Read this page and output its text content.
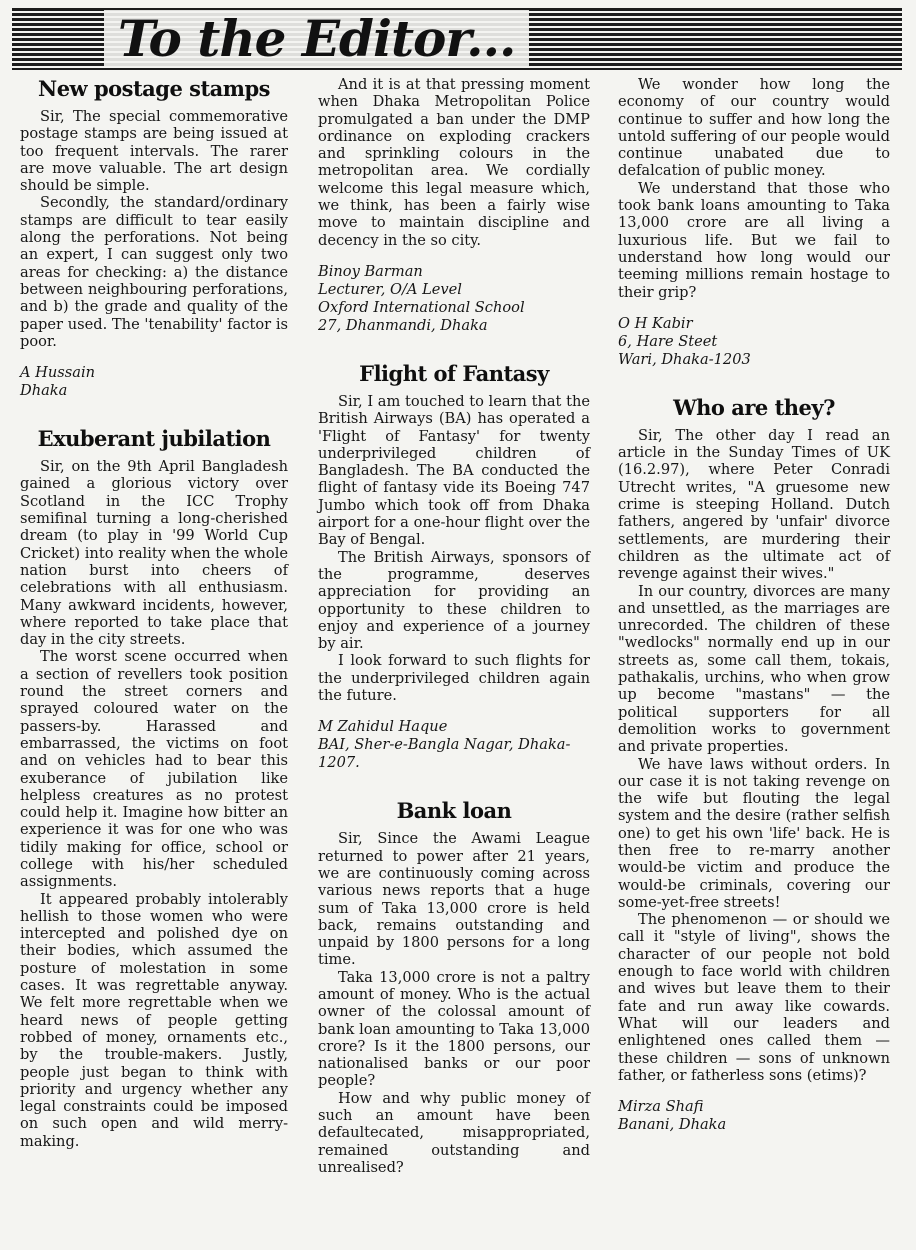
To the Editor...
New postage stamps

Sir, The special commemorative postage stamps are being issued at too frequent intervals. The rarer are move valuable. The art design should be simple.

Secondly, the standard/ordinary stamps are difficult to tear easily along the perforations. Not being an expert, I can suggest only two areas for checking: a) the distance between neighbouring perforations, and b) the grade and quality of the paper used. The 'tenability' factor is poor.

A Hussain
Dhaka
Exuberant jubilation

Sir, on the 9th April Bangladesh gained a glorious victory over Scotland in the ICC Trophy semifinal turning a long-cherished dream (to play in '99 World Cup Cricket) into reality when the whole nation burst into cheers of celebrations with all enthusiasm. Many awkward incidents, however, where reported to take place that day in the city streets.

The worst scene occurred when a section of revellers took position round the street corners and sprayed coloured water on the passers-by. Harassed and embarrassed, the victims on foot and on vehicles had to bear this exuberance of jubilation like helpless creatures as no protest could help it. Imagine how bitter an experience it was for one who was tidily making for office, school or college with his/her scheduled assignments.

It appeared probably intolerably hellish to those women who were intercepted and polished dye on their bodies, which assumed the posture of molestation in some cases. It was regrettable anyway. We felt more regrettable when we heard news of people getting robbed of money, ornaments etc., by the trouble-makers. Justly, people just began to think with priority and urgency whether any legal constraints could be imposed on such open and wild merry-making.

And it is at that pressing moment when Dhaka Metropolitan Police promulgated a ban under the DMP ordinance on exploding crackers and sprinkling colours in the metropolitan area. We cordially welcome this legal measure which, we think, has been a fairly wise move to maintain discipline and decency in the so city.

Binoy Barman
Lecturer, O/A Level
Oxford International School
27, Dhanmandi, Dhaka
Flight of Fantasy

Sir, I am touched to learn that the British Airways (BA) has operated a 'Flight of Fantasy' for twenty underprivileged children of Bangladesh. The BA conducted the flight of fantasy vide its Boeing 747 Jumbo which took off from Dhaka airport for a one-hour flight over the Bay of Bengal.

The British Airways, sponsors of the programme, deserves appreciation for providing an opportunity to these children to enjoy and experience of a journey by air.

I look forward to such flights for the underprivileged children again the future.

M Zahidul Haque
BAI, Sher-e-Bangla Nagar, Dhaka-1207.
Bank loan

Sir, Since the Awami League returned to power after 21 years, we are continuously coming across various news reports that a huge sum of Taka 13,000 crore is held back, remains outstanding and unpaid by 1800 persons for a long time.

Taka 13,000 crore is not a paltry amount of money. Who is the actual owner of the colossal amount of bank loan amounting to Taka 13,000 crore? Is it the 1800 persons, our nationalised banks or our poor people?

How and why public money of such an amount have been defaultecated, misappropriated, remained outstanding and unrealised?

We wonder how long the economy of our country would continue to suffer and how long the untold suffering of our people would continue unabated due to defalcation of public money.

We understand that those who took bank loans amounting to Taka 13,000 crore are all living a luxurious life. But we fail to understand how long would our teeming millions remain hostage to their grip?

O H Kabir
6, Hare Steet
Wari, Dhaka-1203
Who are they?

Sir, The other day I read an article in the Sunday Times of UK (16.2.97), where Peter Conradi Utrecht writes, "A gruesome new crime is steeping Holland. Dutch fathers, angered by 'unfair' divorce settlements, are murdering their children as the ultimate act of revenge against their wives."

In our country, divorces are many and unsettled, as the marriages are unrecorded. The children of these "wedlocks" normally end up in our streets as, some call them, tokais, pathakalis, urchins, who when grow up become "mastans" — the political supporters for all demolition works to government and private properties.

We have laws without orders. In our case it is not taking revenge on the wife but flouting the legal system and the desire (rather selfish one) to get his own 'life' back. He is then free to re-marry another would-be victim and produce the would-be criminals, covering our some-yet-free streets!

The phenomenon — or should we call it "style of living", shows the character of our people not bold enough to face world with children and wives but leave them to their fate and run away like cowards. What will our leaders and enlightened ones called them — these children — sons of unknown father, or fatherless sons (etims)?

Mirza Shafi
Banani, Dhaka
